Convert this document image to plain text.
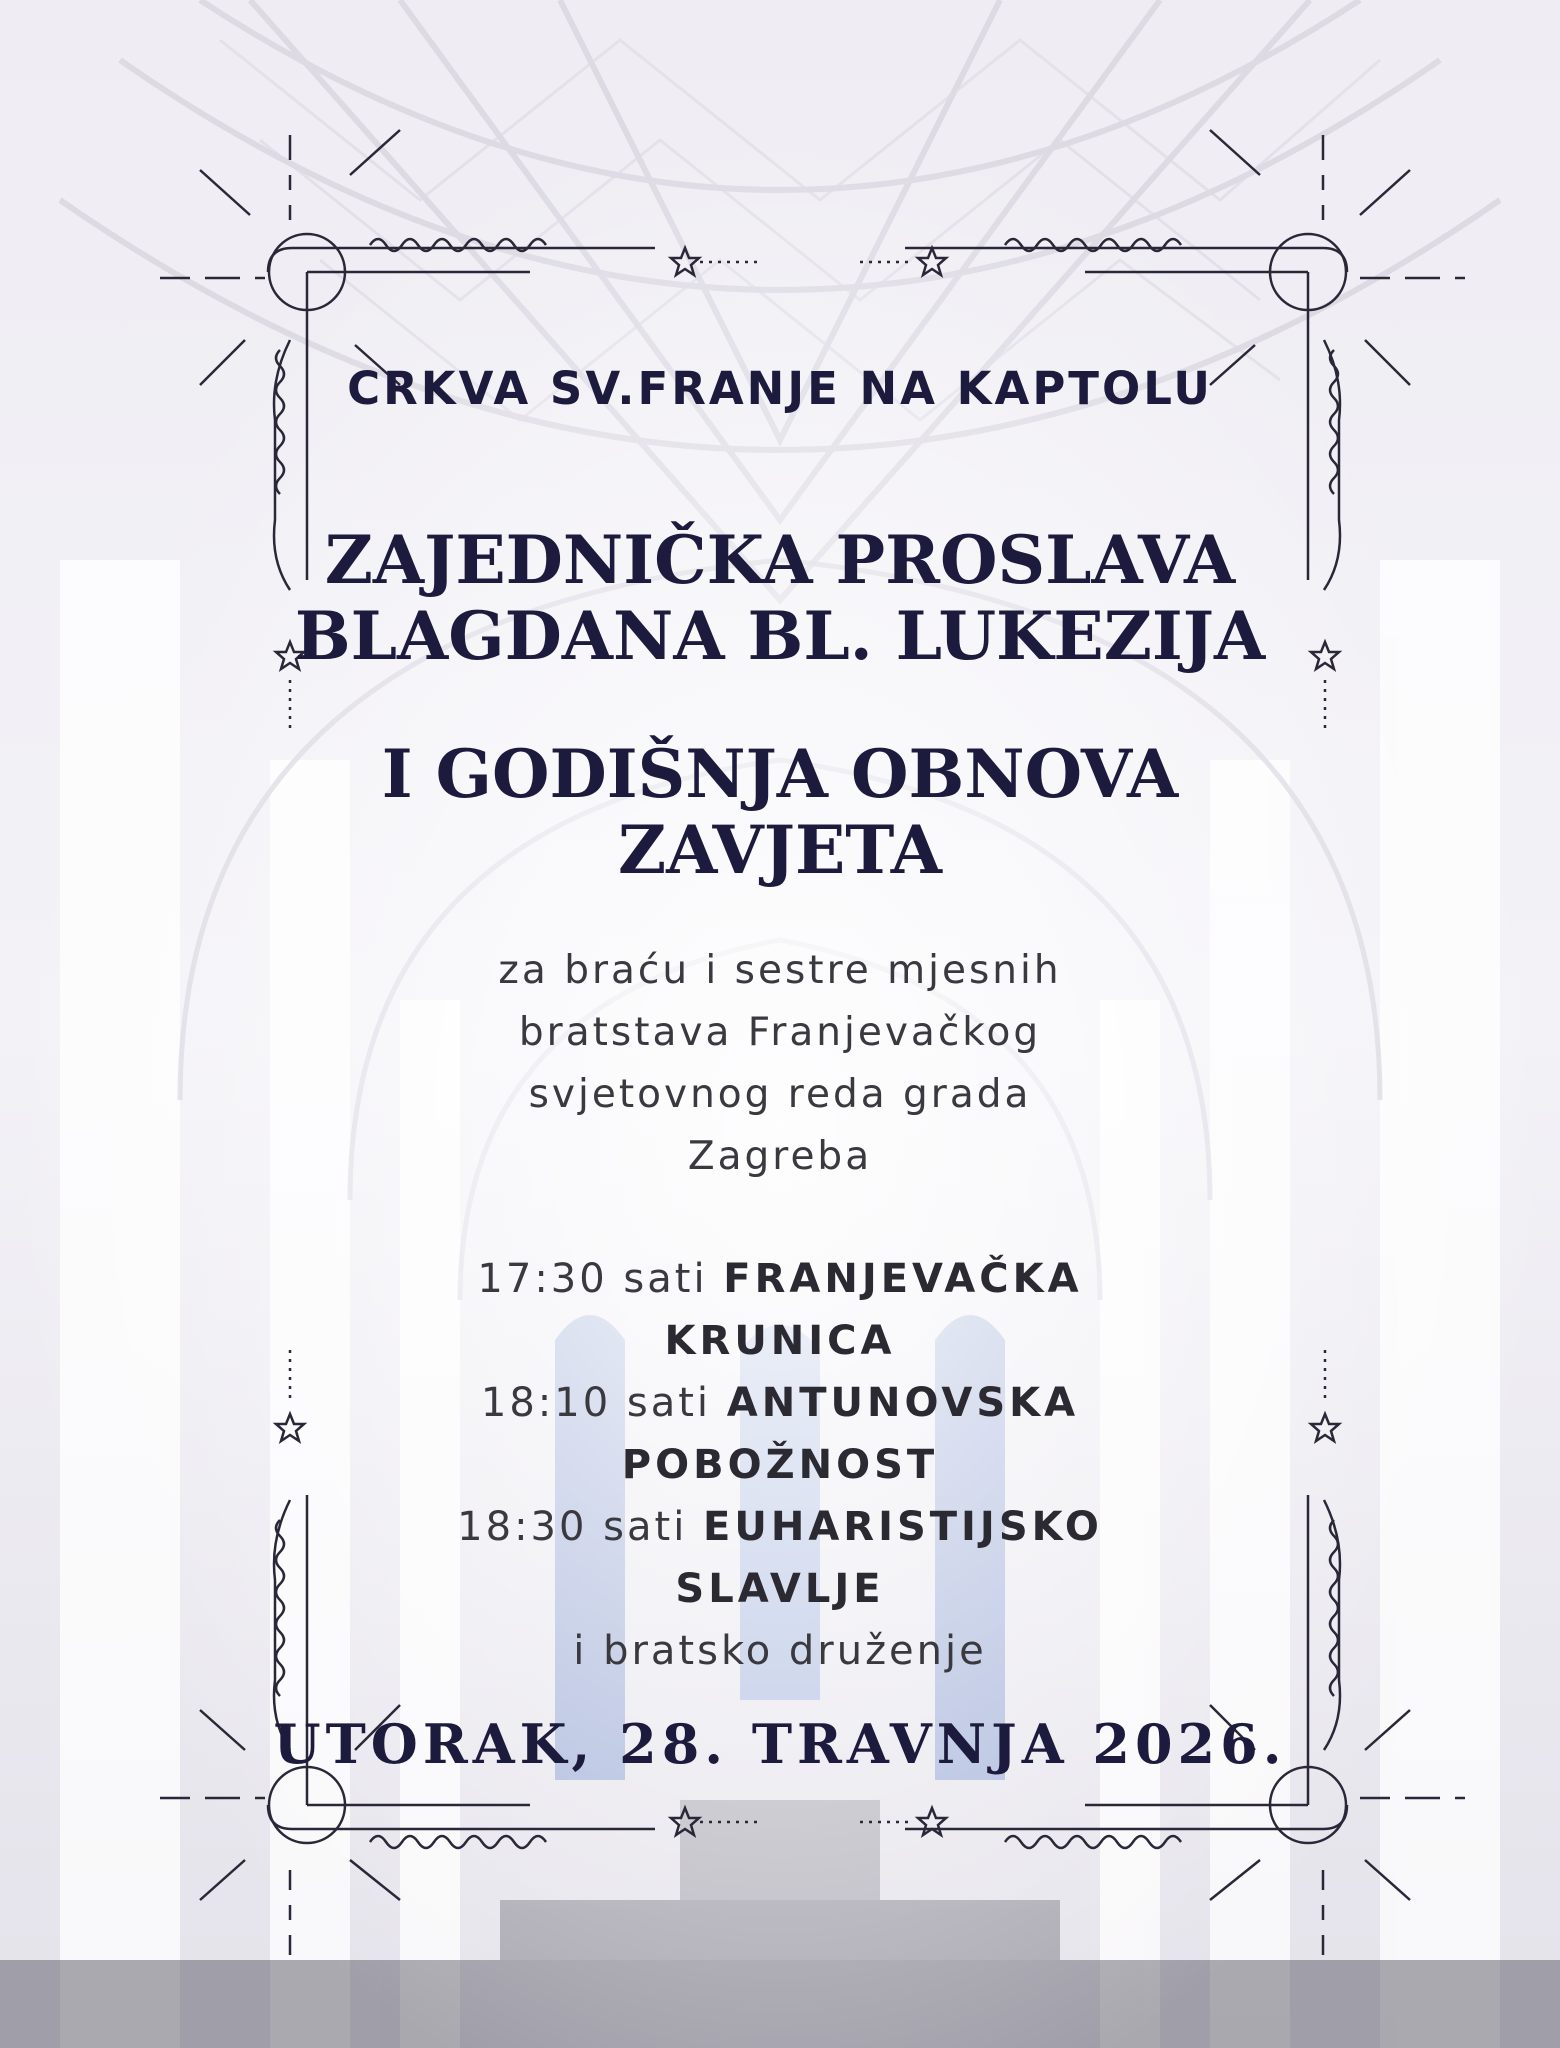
CRKVA SV.FRANJE NA KAPTOLU
ZAJEDNIČKA PROSLAVA
BLAGDANA BL. LUKEZIJA
I GODIŠNJA OBNOVA
ZAVJETA
za braću i sestre mjesnih
bratstava Franjevačkog
svjetovnog reda grada
Zagreba
17:30 sati FRANJEVAČKA
KRUNICA
18:10 sati ANTUNOVSKA
POBOŽNOST
18:30 sati EUHARISTIJSKO
SLAVLJE
i bratsko druženje
UTORAK, 28. TRAVNJA 2026.
